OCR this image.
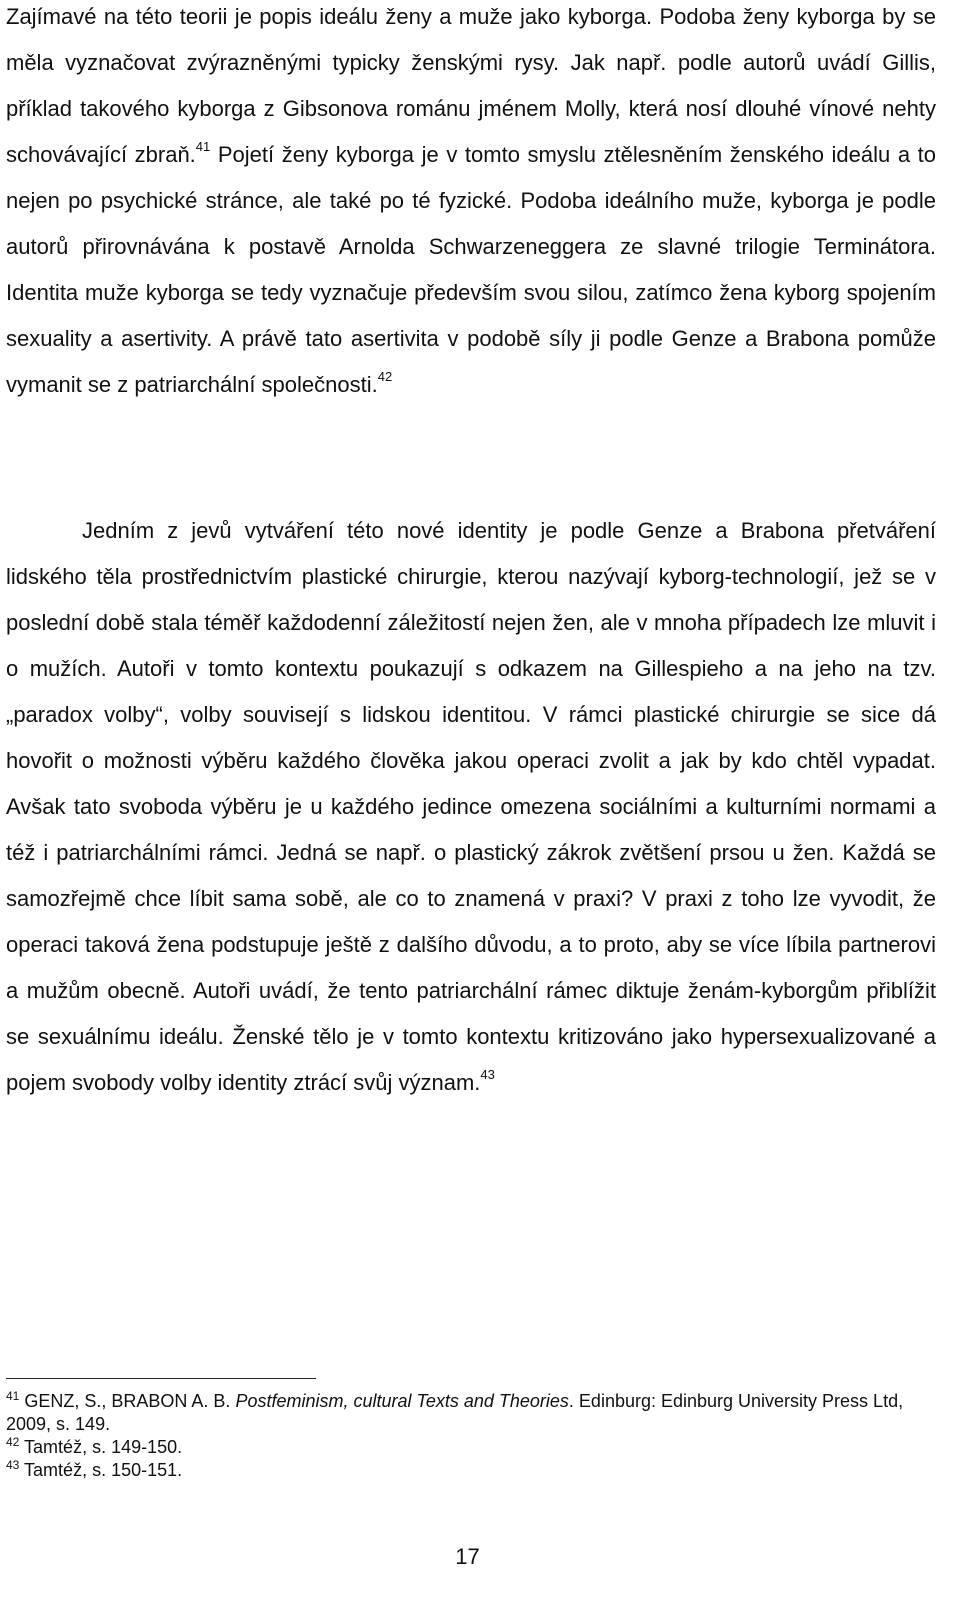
Zajímavé na této teorii je popis ideálu ženy a muže jako kyborga. Podoba ženy kyborga by se měla vyznačovat zvýrazněnými typicky ženskými rysy. Jak např. podle autorů uvádí Gillis, příklad takového kyborga z Gibsonova románu jménem Molly, která nosí dlouhé vínové nehty schovávající zbraň.$^{41}$ Pojetí ženy kyborga je v tomto smyslu ztělesněním ženského ideálu a to nejen po psychické stránce, ale také po té fyzické. Podoba ideálního muže, kyborga je podle autorů přirovnávána k postavě Arnolda Schwarzeneggera ze slavné trilogie Terminátora. Identita muže kyborga se tedy vyznačuje především svou silou, zatímco žena kyborg spojením sexuality a asertivity. A právě tato asertivita v podobě síly ji podle Genze a Brabona pomůže vymanit se z patriarchální společnosti.$^{42}$

Jedním z jevů vytváření této nové identity je podle Genze a Brabona přetváření lidského těla prostřednictvím plastické chirurgie, kterou nazývají kyborg-technologií, jež se v poslední době stala téměř každodenní záležitostí nejen žen, ale v mnoha případech lze mluvit i o mužích. Autoři v tomto kontextu poukazují s odkazem na Gillespieho a na jeho na tzv. „paradox volby“, volby souvisejí s lidskou identitou. V rámci plastické chirurgie se sice dá hovořit o možnosti výběru každého člověka jakou operaci zvolit a jak by kdo chtěl vypadat. Avšak tato svoboda výběru je u každého jedince omezena sociálními a kulturními normami a též i patriarchálními rámci. Jedná se např. o plastický zákrok zvětšení prsou u žen. Každá se samozřejmě chce líbit sama sobě, ale co to znamená v praxi? V praxi z toho lze vyvodit, že operaci taková žena podstupuje ještě z dalšího důvodu, a to proto, aby se více líbila partnerovi a mužům obecně. Autoři uvádí, že tento patriarchální rámec diktuje ženám-kyborgům přiblížit se sexuálnímu ideálu. Ženské tělo je v tomto kontextu kritizováno jako hypersexualizované a pojem svobody volby identity ztrácí svůj význam.$^{43}$

$^{41}$ GENZ, S., BRABON A. B. Postfeminism, cultural Texts and Theories. Edinburg: Edinburg University Press Ltd, 2009, s. 149.

$^{42}$ Tamtéž, s. 149-150.

$^{43}$ Tamtéž, s. 150-151.

17
